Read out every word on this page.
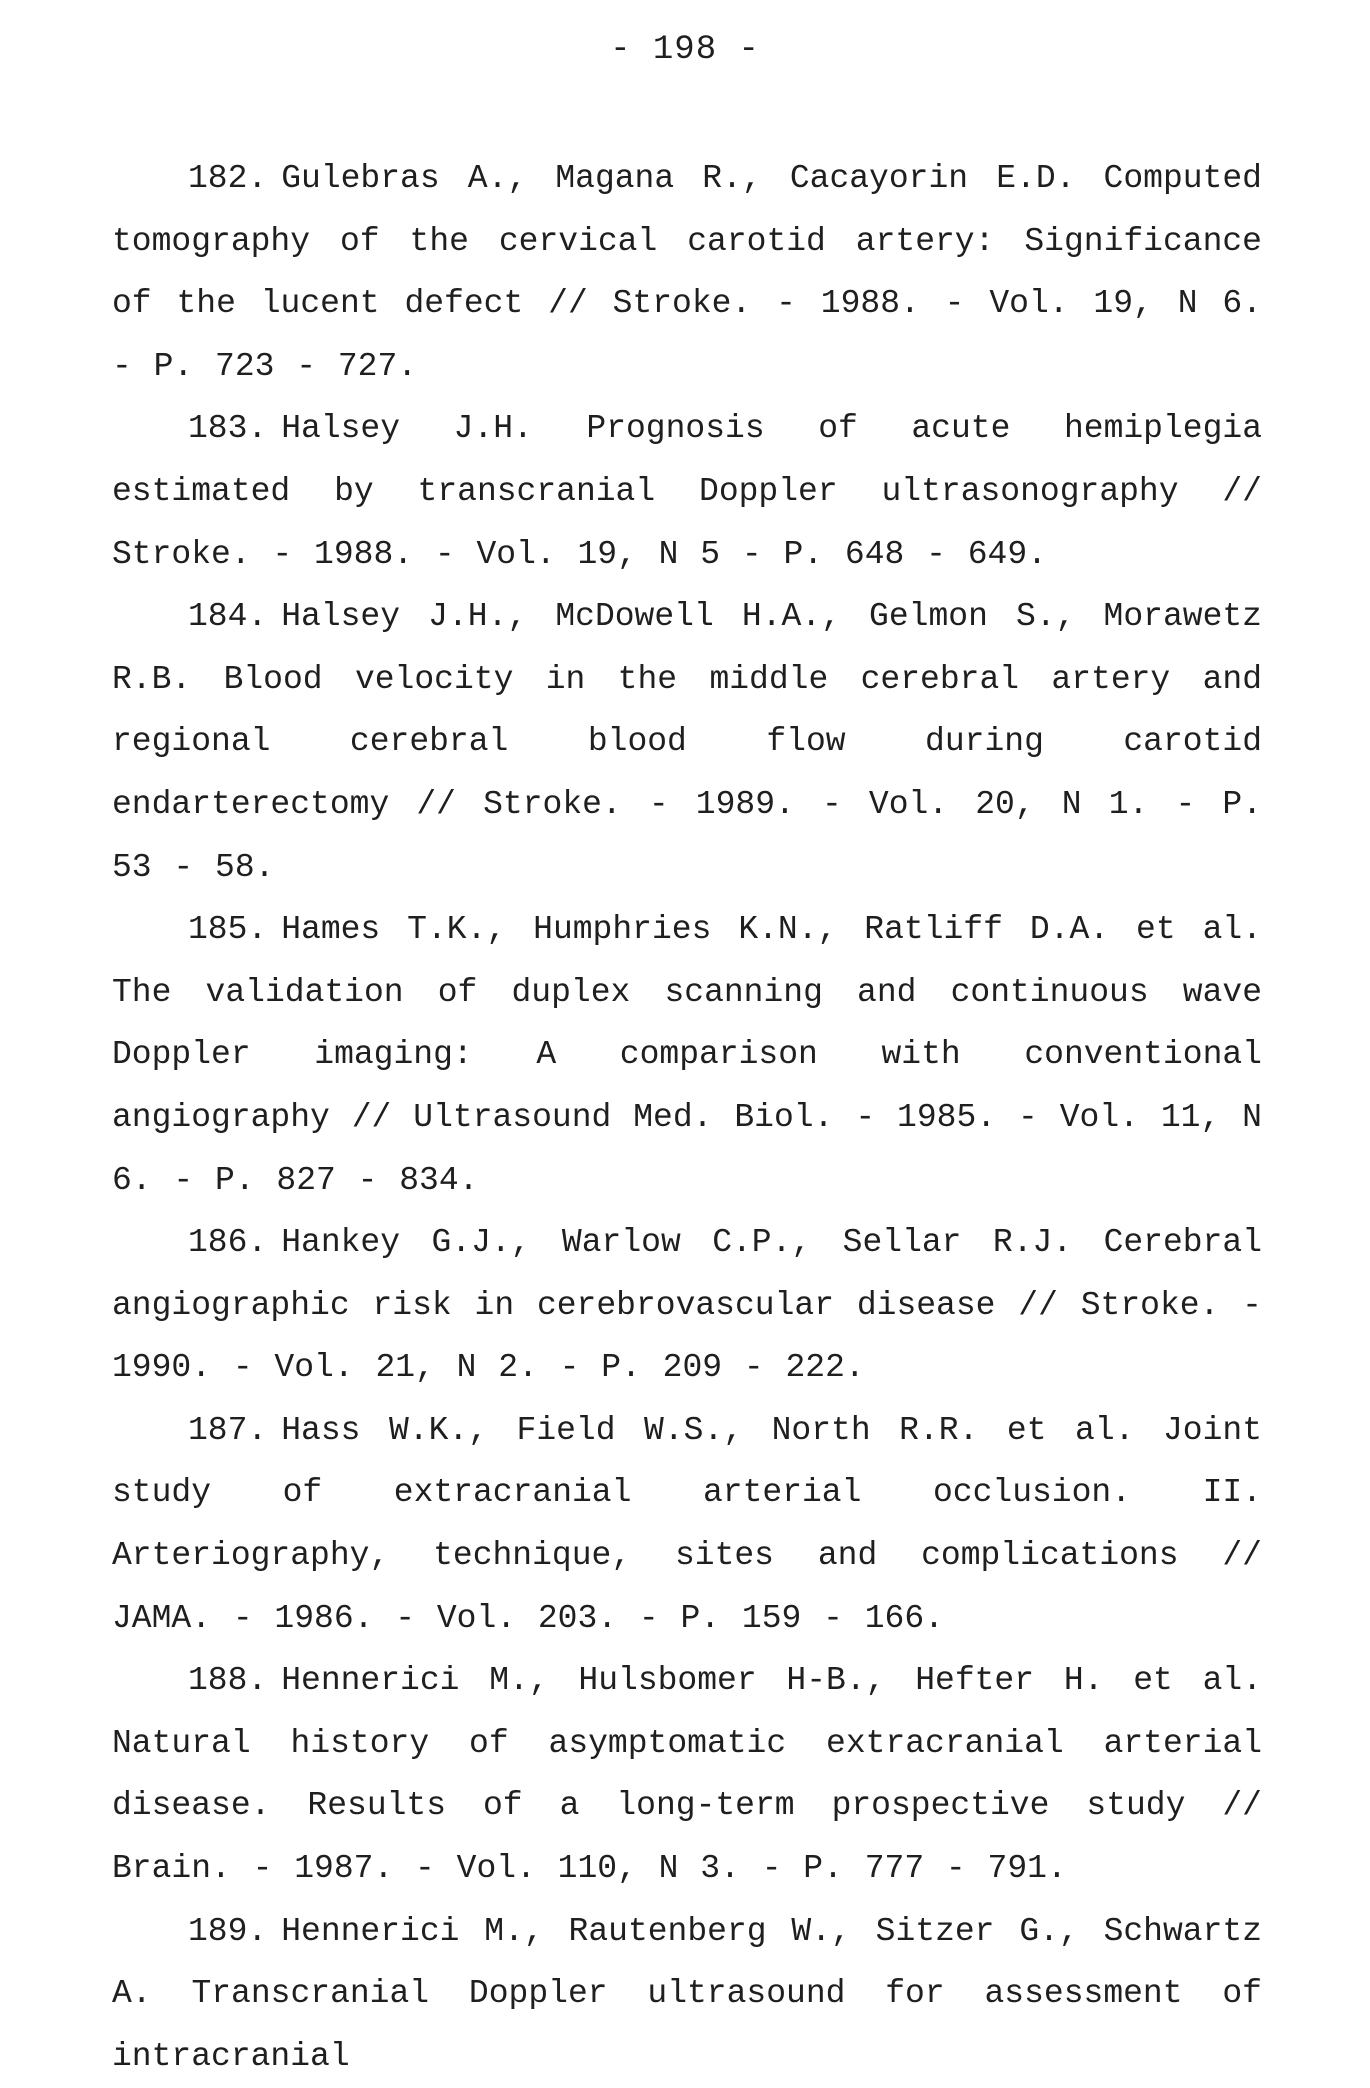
- 198 -

182. Gulebras A., Magana R., Cacayorin E.D. Computed tomography of the cervical carotid artery: Significance of the lucent defect // Stroke. - 1988. - Vol. 19, N 6. - P. 723 - 727.

183. Halsey J.H. Prognosis of acute hemiplegia estimated by transcranial Doppler ultrasonography // Stroke. - 1988. - Vol. 19, N 5 - P. 648 - 649.

184. Halsey J.H., McDowell H.A., Gelmon S., Morawetz R.B. Blood velocity in the middle cerebral artery and regional cerebral blood flow during carotid endarterectomy // Stroke. - 1989. - Vol. 20, N 1. - P. 53 - 58.

185. Hames T.K., Humphries K.N., Ratliff D.A. et al. The validation of duplex scanning and continuous wave Doppler imaging: A comparison with conventional angiography // Ultrasound Med. Biol. - 1985. - Vol. 11, N 6. - P. 827 - 834.

186. Hankey G.J., Warlow C.P., Sellar R.J. Cerebral angiographic risk in cerebrovascular disease // Stroke. - 1990. - Vol. 21, N 2. - P. 209 - 222.

187. Hass W.K., Field W.S., North R.R. et al. Joint study of extracranial arterial occlusion. II. Arteriography, technique, sites and complications // JAMA. - 1986. - Vol. 203. - P. 159 - 166.

188. Hennerici M., Hulsbomer H-B., Hefter H. et al. Natural history of asymptomatic extracranial arterial disease. Results of a long-term prospective study // Brain. - 1987. - Vol. 110, N 3. - P. 777 - 791.

189. Hennerici M., Rautenberg W., Sitzer G., Schwartz A. Transcranial Doppler ultrasound for assessment of intracranial
